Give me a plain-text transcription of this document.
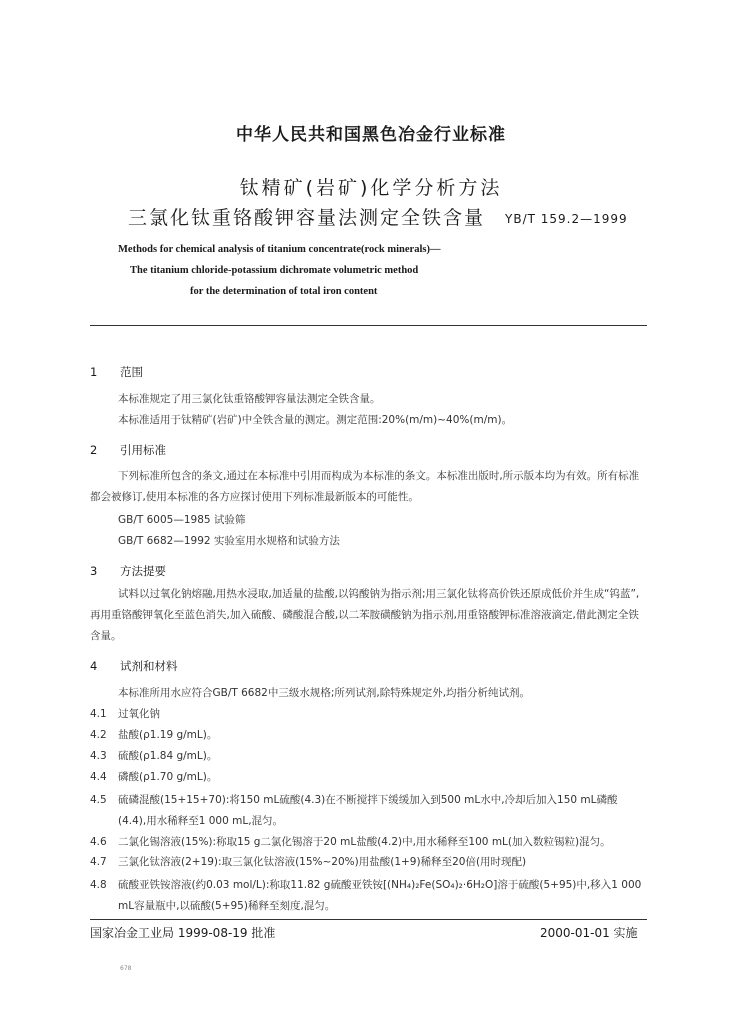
中华人民共和国黑色冶金行业标准
钛精矿(岩矿)化学分析方法
三氯化钛重铬酸钾容量法测定全铁含量 YB/T 159.2—1999
Methods for chemical analysis of titanium concentrate(rock minerals)—
The titanium chloride-potassium dichromate volumetric method
for the determination of total iron content
1 范围
本标准规定了用三氯化钛重铬酸钾容量法测定全铁含量。
本标准适用于钛精矿(岩矿)中全铁含量的测定。测定范围:20%(m/m)~40%(m/m)。
2 引用标准
下列标准所包含的条文,通过在本标准中引用而构成为本标准的条文。本标准出版时,所示版本均为有效。所有标准都会被修订,使用本标准的各方应探讨使用下列标准最新版本的可能性。
GB/T 6005—1985 试验筛
GB/T 6682—1992 实验室用水规格和试验方法
3 方法提要
试料以过氧化钠熔融,用热水浸取,加适量的盐酸,以钨酸钠为指示剂;用三氯化钛将高价铁还原成低价并生成“钨蓝”,再用重铬酸钾氧化至蓝色消失,加入硫酸、磷酸混合酸,以二苯胺磺酸钠为指示剂,用重铬酸钾标准溶液滴定,借此测定全铁含量。
4 试剂和材料
本标准所用水应符合GB/T 6682中三级水规格;所列试剂,除特殊规定外,均指分析纯试剂。
4.1 过氧化钠
4.2 盐酸(ρ1.19 g/mL)。
4.3 硫酸(ρ1.84 g/mL)。
4.4 磷酸(ρ1.70 g/mL)。
4.5 硫磷混酸(15+15+70):将150 mL硫酸(4.3)在不断搅拌下缓缓加入到500 mL水中,冷却后加入150 mL磷酸(4.4),用水稀释至1 000 mL,混匀。
4.6 二氯化锡溶液(15%):称取15 g二氯化锡溶于20 mL盐酸(4.2)中,用水稀释至100 mL(加入数粒锡粒)混匀。
4.7 三氯化钛溶液(2+19):取三氯化钛溶液(15%~20%)用盐酸(1+9)稀释至20倍(用时现配)
4.8 硫酸亚铁铵溶液(约0.03 mol/L):称取11.82 g硫酸亚铁铵[(NH₄)₂Fe(SO₄)₂·6H₂O]溶于硫酸(5+95)中,移入1 000 mL容量瓶中,以硫酸(5+95)稀释至刻度,混匀。
国家冶金工业局 1999-08-19 批准	2000-01-01 实施
678
